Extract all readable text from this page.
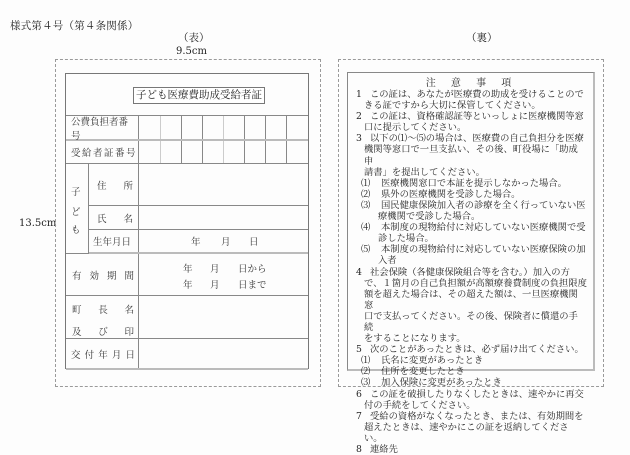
様式第４号（第４条関係）
（表）	（裏）
9.5cm
13.5cm
子ども医療費助成受給者証
公費負担者番号
受給者証番号
子
ど
も
住 所
氏 名
生年月日	年 月 日
有 効 期 間
年 月 日から
年 月 日まで
町 長 名
及 び 印
交 付 年 月 日
注 意 事 項
1 この証は、あなたが医療費の助成を受けることので
きる証ですから大切に保管してください。
2 この証は、資格確認証等といっしょに医療機関等窓
口に提示してください。
3 以下の⑴～⑸の場合は、医療費の自己負担分を医療
機関等窓口で一旦支払い、その後、町役場に「助成申
請書」を提出してください。
⑴ 医療機関窓口で本証を提示しなかった場合。
⑵ 県外の医療機関を受診した場合。
⑶ 国民健康保険加入者の診療を全く行っていない医
療機関で受診した場合。
⑷ 本制度の現物給付に対応していない医療機関で受
診した場合。
⑸ 本制度の現物給付に対応していない医療保険の加
入者
4 社会保険（各健康保険組合等を含む。）加入の方
で、１箇月の自己負担額が高額療養費制度の負担限度
額を超えた場合は、その超えた額は、一旦医療機関窓
口で支払ってください。その後、保険者に償還の手続
をすることになります。
5 次のことがあったときは、必ず届け出てください。
⑴ 氏名に変更があったとき
⑵ 住所を変更したとき
⑶ 加入保険に変更があったとき
6 この証を破損したりなくしたときは、速やかに再交
付の手続をしてください。
7 受給の資格がなくなったとき、または、有効期間を
超えたときは、速やかにこの証を返納してください。
8 連絡先
